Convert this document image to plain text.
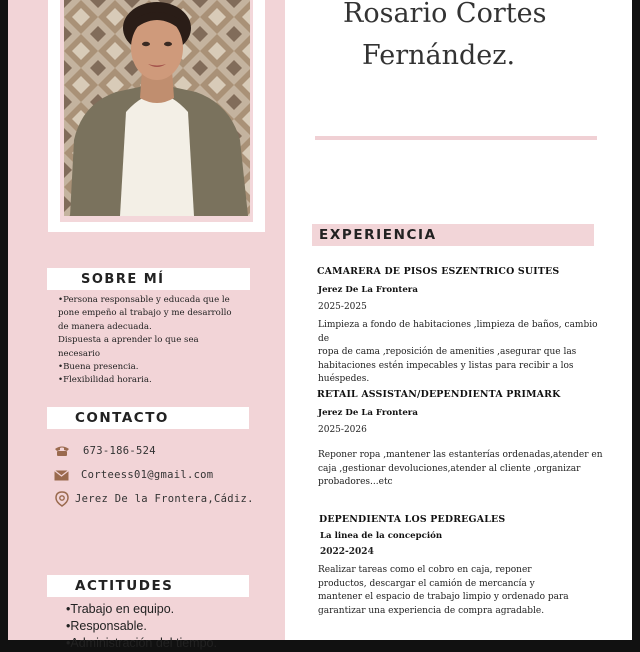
SOBRE MÍ
•Persona responsable y educada que le
pone empeño al trabajo y me desarrollo
de manera adecuada.
Dispuesta a aprender lo que sea
necesario
•Buena presencia.
•Flexibilidad horaria.
CONTACTO
673-186-524
Corteess01@gmail.com
Jerez De la Frontera,Cádiz.
ACTITUDES
•Trabajo en equipo.
•Responsable.
•Administración del tiempo.
Rosario Cortes
Fernández.
EXPERIENCIA
CAMARERA DE PISOS ESZENTRICO SUITES
Jerez De La Frontera
2025-2025
Limpieza a fondo de habitaciones ,limpieza de baños, cambio de
ropa de cama ,reposición de amenities ,asegurar que las
habitaciones estén impecables y listas para recibir a los
huéspedes.
RETAIL ASSISTAN/DEPENDIENTA PRIMARK
Jerez De La Frontera
2025-2026
Reponer ropa ,mantener las estanterías ordenadas,atender en
caja ,gestionar devoluciones,atender al cliente ,organizar
probadores...etc
DEPENDIENTA LOS PEDREGALES
La linea de la concepción
2022-2024
Realizar tareas como el cobro en caja, reponer
productos, descargar el camión de mercancía y
mantener el espacio de trabajo limpio y ordenado para
garantizar una experiencia de compra agradable.
